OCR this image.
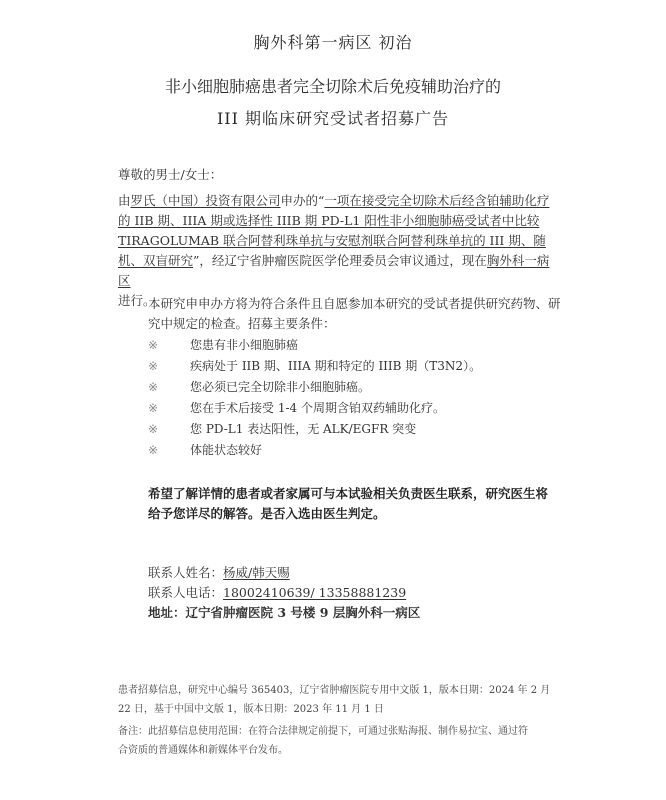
胸外科第一病区 初治
非小细胞肺癌患者完全切除术后免疫辅助治疗的
III 期临床研究受试者招募广告
尊敬的男士/女士：
由罗氏（中国）投资有限公司申办的“一项在接受完全切除术后经含铂辅助化疗的 IIB 期、IIIA 期或选择性 IIIB 期 PD-L1 阳性非小细胞肺癌受试者中比较 TIRAGOLUMAB 联合阿替利珠单抗与安慰剂联合阿替利珠单抗的 III 期、随机、双盲研究”，经辽宁省肿瘤医院医学伦理委员会审议通过，现在胸外科一病区
进行。
本研究申申办方将为符合条件且自愿参加本研究的受试者提供研究药物、研究中规定的检查。招募主要条件：
※	您患有非小细胞肺癌
※	疾病处于 IIB 期、IIIA 期和特定的 IIIB 期（T3N2）。
※	您必须已完全切除非小细胞肺癌。
※	您在手术后接受 1-4 个周期含铂双药辅助化疗。
※	您 PD-L1 表达阳性，无 ALK/EGFR 突变
※	体能状态较好
希望了解详情的患者或者家属可与本试验相关负责医生联系，研究医生将给予您详尽的解答。是否入选由医生判定。
联系人姓名：杨威/韩天赐
联系人电话：18002410639/ 13358881239
地址：辽宁省肿瘤医院 3 号楼 9 层胸外科一病区
患者招募信息，研究中心编号 365403，辽宁省肿瘤医院专用中文版 1，版本日期：2024 年 2 月
22 日，基于中国中文版 1，版本日期：2023 年 11 月 1 日
备注：此招募信息使用范围：在符合法律规定前提下，可通过张贴海报、制作易拉宝、通过符
合资质的普通媒体和新媒体平台发布。
